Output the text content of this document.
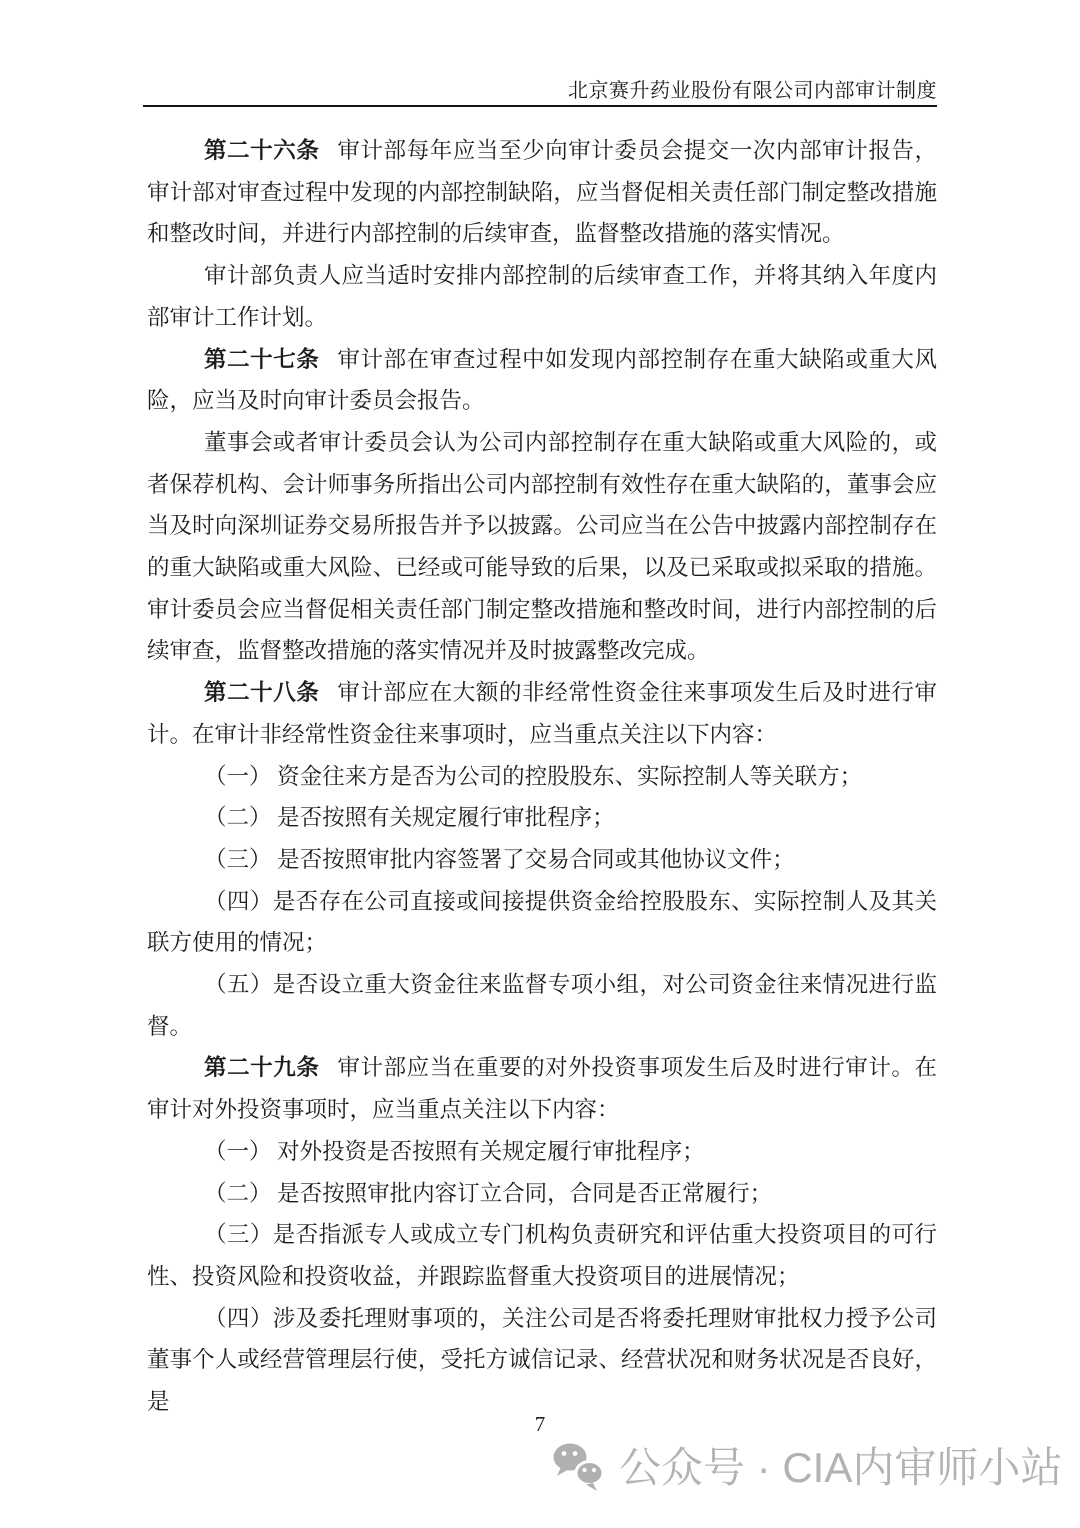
北京赛升药业股份有限公司内部审计制度

第二十六条 审计部每年应当至少向审计委员会提交一次内部审计报告，审计部对审查过程中发现的内部控制缺陷，应当督促相关责任部门制定整改措施和整改时间，并进行内部控制的后续审查，监督整改措施的落实情况。

审计部负责人应当适时安排内部控制的后续审查工作，并将其纳入年度内部审计工作计划。

第二十七条 审计部在审查过程中如发现内部控制存在重大缺陷或重大风险，应当及时向审计委员会报告。

董事会或者审计委员会认为公司内部控制存在重大缺陷或重大风险的，或者保荐机构、会计师事务所指出公司内部控制有效性存在重大缺陷的，董事会应当及时向深圳证券交易所报告并予以披露。公司应当在公告中披露内部控制存在的重大缺陷或重大风险、已经或可能导致的后果，以及已采取或拟采取的措施。 审计委员会应当督促相关责任部门制定整改措施和整改时间，进行内部控制的后续审查，监督整改措施的落实情况并及时披露整改完成。

第二十八条 审计部应在大额的非经常性资金往来事项发生后及时进行审计。在审计非经常性资金往来事项时，应当重点关注以下内容：

（一） 资金往来方是否为公司的控股股东、实际控制人等关联方；

（二） 是否按照有关规定履行审批程序；

（三） 是否按照审批内容签署了交易合同或其他协议文件；

（四）是否存在公司直接或间接提供资金给控股股东、实际控制人及其关联方使用的情况；

（五）是否设立重大资金往来监督专项小组，对公司资金往来情况进行监督。

第二十九条 审计部应当在重要的对外投资事项发生后及时进行审计。在审计对外投资事项时，应当重点关注以下内容：

（一） 对外投资是否按照有关规定履行审批程序；

（二） 是否按照审批内容订立合同，合同是否正常履行；

（三）是否指派专人或成立专门机构负责研究和评估重大投资项目的可行性、投资风险和投资收益，并跟踪监督重大投资项目的进展情况；

（四）涉及委托理财事项的，关注公司是否将委托理财审批权力授予公司董事个人或经营管理层行使，受托方诚信记录、经营状况和财务状况是否良好，是

7
公众号 · CIA内审师小站
